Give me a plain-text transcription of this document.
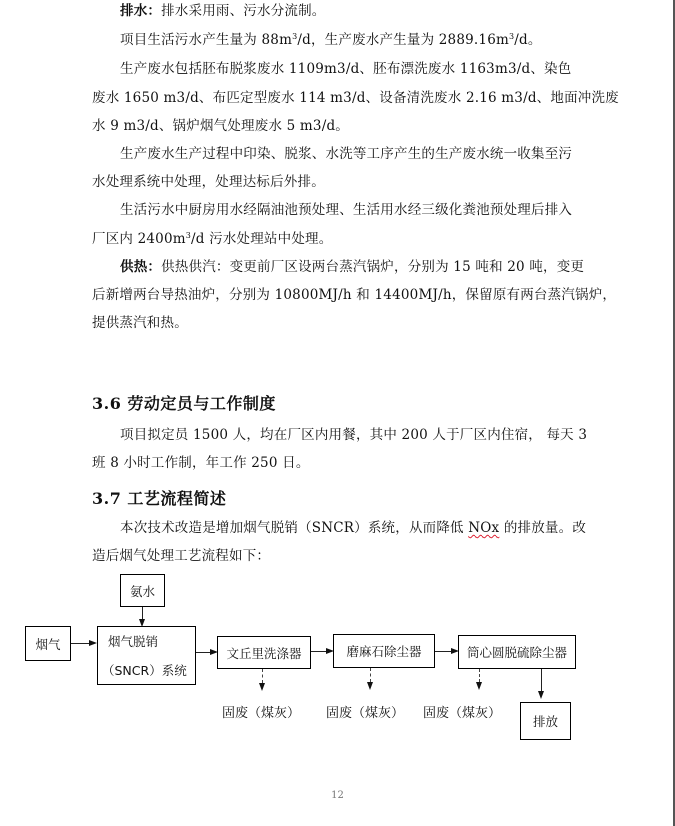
排水：排水采用雨、污水分流制。
项目生活污水产生量为 $88m^3/d$，生产废水产生量为 $2889.16m^3/d$。
生产废水包括胚布脱浆废水 1109m3/d、胚布漂洗废水 1163m3/d、染色
废水 1650 m3/d、布匹定型废水 114 m3/d、设备清洗废水 2.16 m3/d、地面冲洗废
水 9 m3/d、锅炉烟气处理废水 5 m3/d。
生产废水生产过程中印染、脱浆、水洗等工序产生的生产废水统一收集至污
水处理系统中处理，处理达标后外排。
生活污水中厨房用水经隔油池预处理、生活用水经三级化粪池预处理后排入
厂区内 $2400m^3/d$ 污水处理站中处理。
供热：供热供汽：变更前厂区设两台蒸汽锅炉，分别为 15 吨和 20 吨，变更
后新增两台导热油炉，分别为 10800MJ/h 和 14400MJ/h，保留原有两台蒸汽锅炉，
提供蒸汽和热。
3.6 劳动定员与工作制度
项目拟定员 1500 人，均在厂区内用餐，其中 200 人于厂区内住宿， 每天 3
班 8 小时工作制，年工作 250 日。
3.7 工艺流程简述
本次技术改造是增加烟气脱销（SNCR）系统，从而降低 NOx 的排放量。改
造后烟气处理工艺流程如下：
氨水
烟气	烟气脱销
（SNCR）系统
文丘里洗涤器
固废（煤灰）
磨麻石除尘器
固废（煤灰）
筒心圆脱硫除尘器
固废（煤灰）
排放
12
